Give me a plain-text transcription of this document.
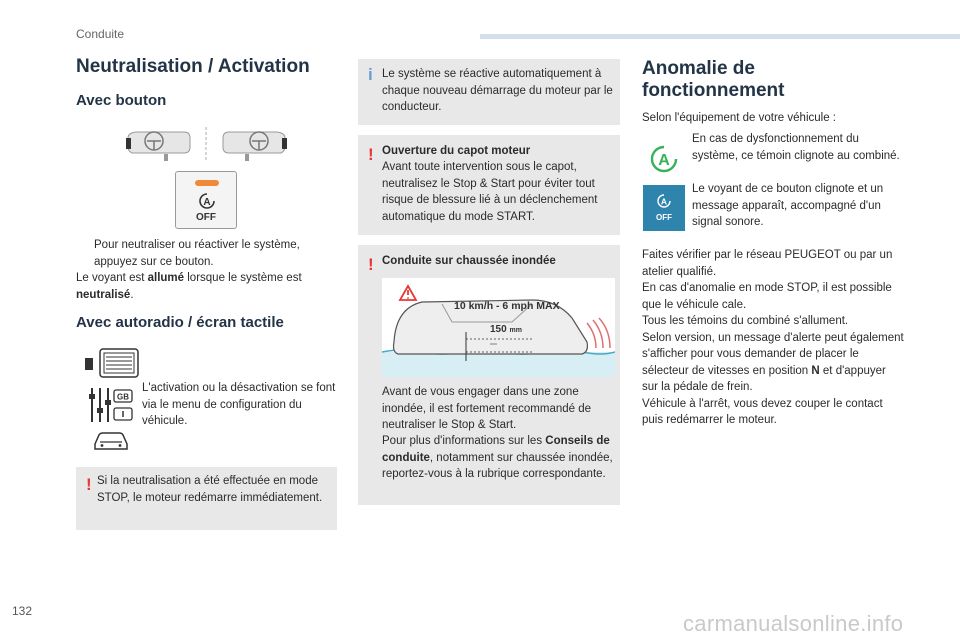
Conduite
Neutralisation / Activation
Avec bouton
A
OFF
Pour neutraliser ou réactiver le système, appuyez sur ce bouton.
Le voyant est allumé lorsque le système est neutralisé.
Avec autoradio / écran tactile
GB

L'activation ou la désactivation se font via le menu de configuration du véhicule.

! Si la neutralisation a été effectuée en mode STOP, le moteur redémarre immédiatement.

i Le système se réactive automatiquement à chaque nouveau démarrage du moteur par le conducteur.

! Ouverture du capot moteur

Avant toute intervention sous le capot, neutralisez le Stop & Start pour éviter tout risque de blessure lié à un déclenchement automatique du mode START.

! Conduite sur chaussée inondée

10 km/h - 6 mph MAX
150 mm

Avant de vous engager dans une zone inondée, il est fortement recommandé de neutraliser le Stop & Start.

Pour plus d'informations sur les Conseils de conduite, notamment sur chaussée inondée, reportez-vous à la rubrique correspondante.

Anomalie de fonctionnement

Selon l'équipement de votre véhicule :

A

En cas de dysfonctionnement du système, ce témoin clignote au combiné.

A
OFF

Le voyant de ce bouton clignote et un message apparaît, accompagné d'un signal sonore.

Faites vérifier par le réseau PEUGEOT ou par un atelier qualifié.
En cas d'anomalie en mode STOP, il est possible que le véhicule cale.
Tous les témoins du combiné s'allument.
Selon version, un message d'alerte peut également s'afficher pour vous demander de placer le sélecteur de vitesses en position N et d'appuyer sur la pédale de frein.
Véhicule à l'arrêt, vous devez couper le contact puis redémarrer le moteur.

132	carmanualsonline.info
